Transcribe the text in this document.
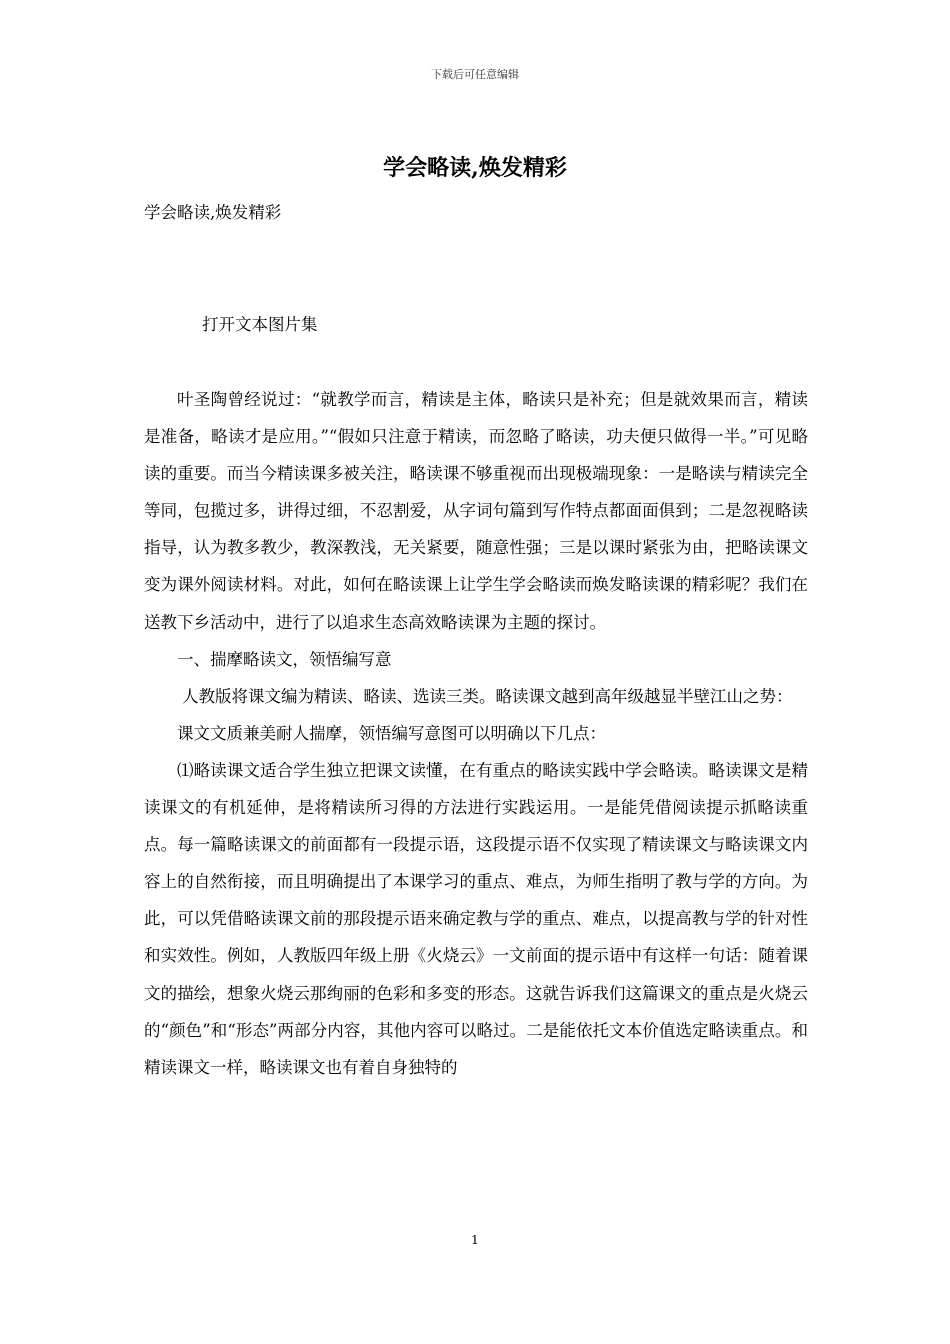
下载后可任意编辑
学会略读,焕发精彩
学会略读,焕发精彩
打开文本图片集

叶圣陶曾经说过：“就教学而言，精读是主体，略读只是补充；但是就效果而言，精读是准备，略读才是应用。”“假如只注意于精读，而忽略了略读，功夫便只做得一半。”可见略读的重要。而当今精读课多被关注，略读课不够重视而出现极端现象：一是略读与精读完全等同，包揽过多，讲得过细，不忍割爱，从字词句篇到写作特点都面面俱到；二是忽视略读指导，认为教多教少，教深教浅，无关紧要，随意性强；三是以课时紧张为由，把略读课文变为课外阅读材料。对此，如何在略读课上让学生学会略读而焕发略读课的精彩呢？我们在送教下乡活动中，进行了以追求生态高效略读课为主题的探讨。

一、揣摩略读文，领悟编写意

人教版将课文编为精读、略读、选读三类。略读课文越到高年级越显半壁江山之势：

课文文质兼美耐人揣摩，领悟编写意图可以明确以下几点：

⑴略读课文适合学生独立把课文读懂，在有重点的略读实践中学会略读。略读课文是精读课文的有机延伸，是将精读所习得的方法进行实践运用。一是能凭借阅读提示抓略读重点。每一篇略读课文的前面都有一段提示语，这段提示语不仅实现了精读课文与略读课文内容上的自然衔接，而且明确提出了本课学习的重点、难点，为师生指明了教与学的方向。为此，可以凭借略读课文前的那段提示语来确定教与学的重点、难点，以提高教与学的针对性和实效性。例如，人教版四年级上册《火烧云》一文前面的提示语中有这样一句话：随着课文的描绘，想象火烧云那绚丽的色彩和多变的形态。这就告诉我们这篇课文的重点是火烧云的“颜色”和“形态”两部分内容，其他内容可以略过。二是能依托文本价值选定略读重点。和精读课文一样，略读课文也有着自身独特的

1
